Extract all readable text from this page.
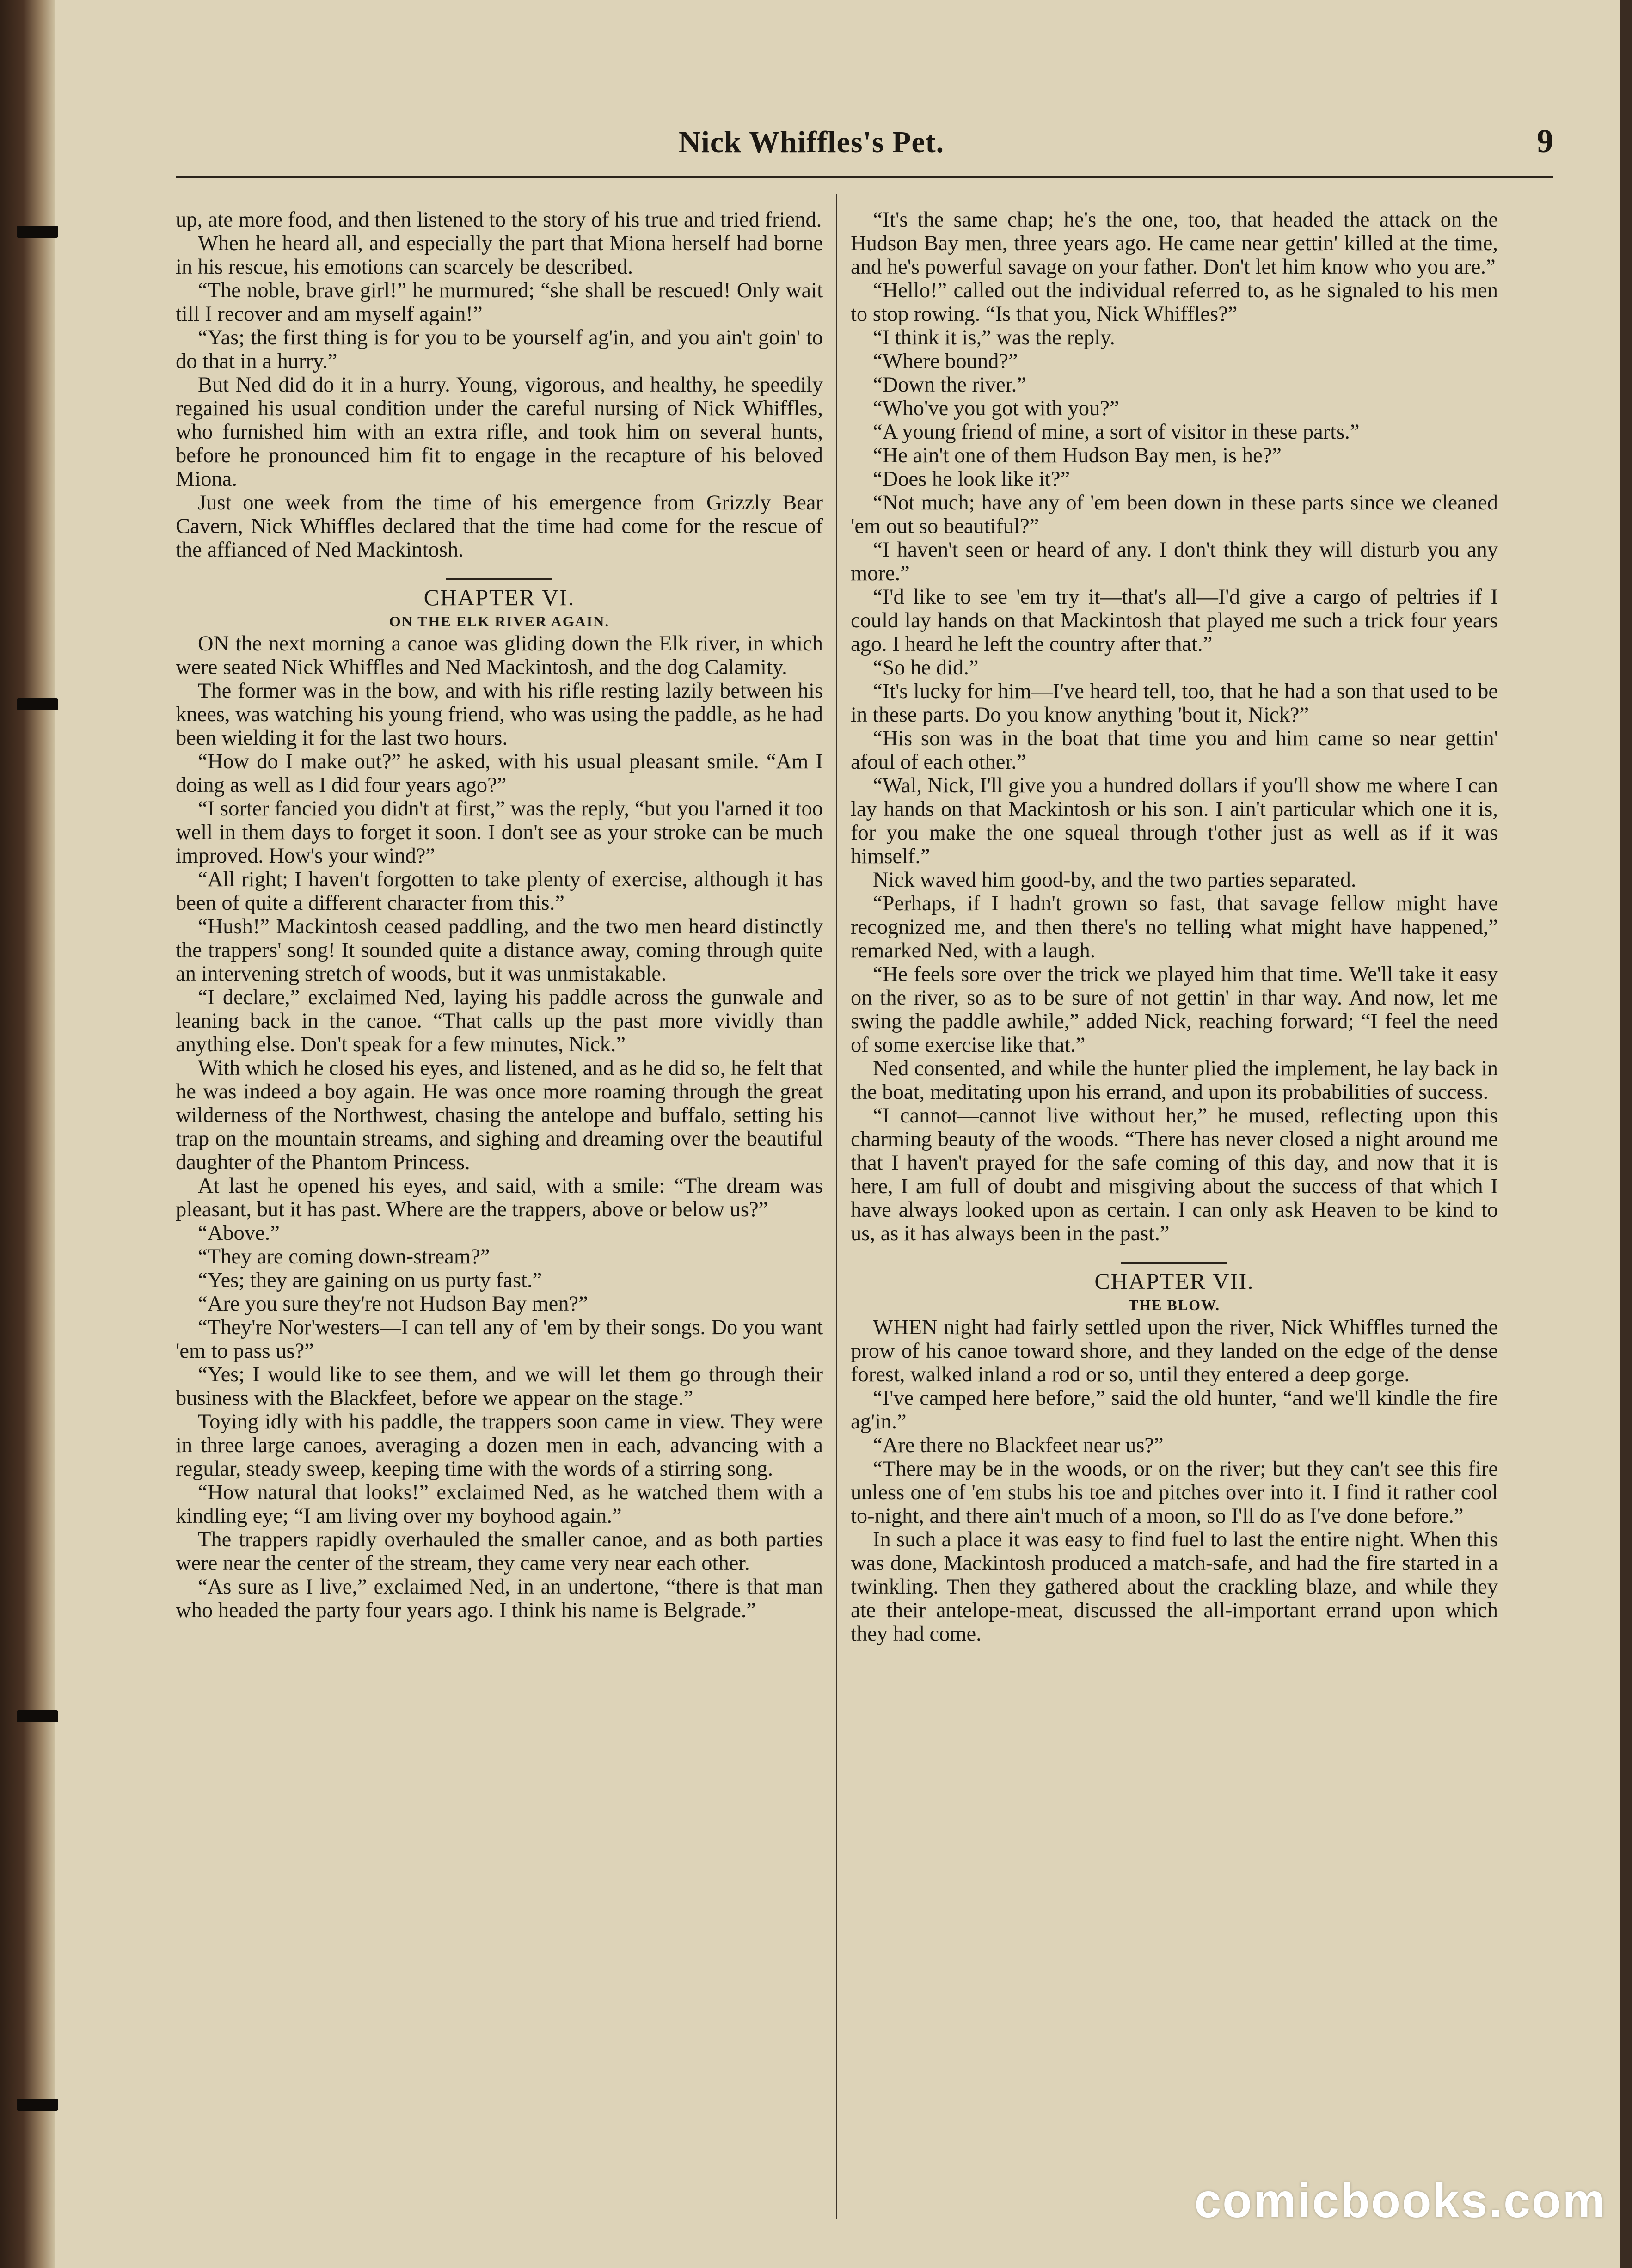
Nick Whiffles's Pet.	9

up, ate more food, and then listened to the story of his true and tried friend.

When he heard all, and especially the part that Miona herself had borne in his rescue, his emotions can scarcely be described.

“The noble, brave girl!” he murmured; “she shall be rescued! Only wait till I recover and am myself again!”

“Yas; the first thing is for you to be yourself ag'in, and you ain't goin' to do that in a hurry.”

But Ned did do it in a hurry. Young, vigorous, and healthy, he speedily regained his usual condition under the careful nursing of Nick Whiffles, who furnished him with an extra rifle, and took him on several hunts, before he pronounced him fit to engage in the recapture of his beloved Miona.

Just one week from the time of his emergence from Grizzly Bear Cavern, Nick Whiffles declared that the time had come for the rescue of the affianced of Ned Mackintosh.

CHAPTER VI.
ON THE ELK RIVER AGAIN.

ON the next morning a canoe was gliding down the Elk river, in which were seated Nick Whiffles and Ned Mackintosh, and the dog Calamity.

The former was in the bow, and with his rifle resting lazily between his knees, was watching his young friend, who was using the paddle, as he had been wielding it for the last two hours.

“How do I make out?” he asked, with his usual pleasant smile. “Am I doing as well as I did four years ago?”

“I sorter fancied you didn't at first,” was the reply, “but you l'arned it too well in them days to forget it soon. I don't see as your stroke can be much improved. How's your wind?”

“All right; I haven't forgotten to take plenty of exercise, although it has been of quite a different character from this.”

“Hush!” Mackintosh ceased paddling, and the two men heard distinctly the trappers' song! It sounded quite a distance away, coming through quite an intervening stretch of woods, but it was unmistakable.

“I declare,” exclaimed Ned, laying his paddle across the gunwale and leaning back in the canoe. “That calls up the past more vividly than anything else. Don't speak for a few minutes, Nick.”

With which he closed his eyes, and listened, and as he did so, he felt that he was indeed a boy again. He was once more roaming through the great wilderness of the Northwest, chasing the antelope and buffalo, setting his trap on the mountain streams, and sighing and dreaming over the beautiful daughter of the Phantom Princess.

At last he opened his eyes, and said, with a smile: “The dream was pleasant, but it has past. Where are the trappers, above or below us?”

“Above.”

“They are coming down-stream?”

“Yes; they are gaining on us purty fast.”

“Are you sure they're not Hudson Bay men?”

“They're Nor'westers—I can tell any of 'em by their songs. Do you want 'em to pass us?”

“Yes; I would like to see them, and we will let them go through their business with the Blackfeet, before we appear on the stage.”

Toying idly with his paddle, the trappers soon came in view. They were in three large canoes, averaging a dozen men in each, advancing with a regular, steady sweep, keeping time with the words of a stirring song.

“How natural that looks!” exclaimed Ned, as he watched them with a kindling eye; “I am living over my boyhood again.”

The trappers rapidly overhauled the smaller canoe, and as both parties were near the center of the stream, they came very near each other.

“As sure as I live,” exclaimed Ned, in an undertone, “there is that man who headed the party four years ago. I think his name is Belgrade.”

“It's the same chap; he's the one, too, that headed the attack on the Hudson Bay men, three years ago. He came near gettin' killed at the time, and he's powerful savage on your father. Don't let him know who you are.”

“Hello!” called out the individual referred to, as he signaled to his men to stop rowing. “Is that you, Nick Whiffles?”

“I think it is,” was the reply.

“Where bound?”

“Down the river.”

“Who've you got with you?”

“A young friend of mine, a sort of visitor in these parts.”

“He ain't one of them Hudson Bay men, is he?”

“Does he look like it?”

“Not much; have any of 'em been down in these parts since we cleaned 'em out so beautiful?”

“I haven't seen or heard of any. I don't think they will disturb you any more.”

“I'd like to see 'em try it—that's all—I'd give a cargo of peltries if I could lay hands on that Mackintosh that played me such a trick four years ago. I heard he left the country after that.”

“So he did.”

“It's lucky for him—I've heard tell, too, that he had a son that used to be in these parts. Do you know anything 'bout it, Nick?”

“His son was in the boat that time you and him came so near gettin' afoul of each other.”

“Wal, Nick, I'll give you a hundred dollars if you'll show me where I can lay hands on that Mackintosh or his son. I ain't particular which one it is, for you make the one squeal through t'other just as well as if it was himself.”

Nick waved him good-by, and the two parties separated.

“Perhaps, if I hadn't grown so fast, that savage fellow might have recognized me, and then there's no telling what might have happened,” remarked Ned, with a laugh.

“He feels sore over the trick we played him that time. We'll take it easy on the river, so as to be sure of not gettin' in thar way. And now, let me swing the paddle awhile,” added Nick, reaching forward; “I feel the need of some exercise like that.”

Ned consented, and while the hunter plied the implement, he lay back in the boat, meditating upon his errand, and upon its probabilities of success.

“I cannot—cannot live without her,” he mused, reflecting upon this charming beauty of the woods. “There has never closed a night around me that I haven't prayed for the safe coming of this day, and now that it is here, I am full of doubt and misgiving about the success of that which I have always looked upon as certain. I can only ask Heaven to be kind to us, as it has always been in the past.”

CHAPTER VII.
THE BLOW.

WHEN night had fairly settled upon the river, Nick Whiffles turned the prow of his canoe toward shore, and they landed on the edge of the dense forest, walked inland a rod or so, until they entered a deep gorge.

“I've camped here before,” said the old hunter, “and we'll kindle the fire ag'in.”

“Are there no Blackfeet near us?”

“There may be in the woods, or on the river; but they can't see this fire unless one of 'em stubs his toe and pitches over into it. I find it rather cool to-night, and there ain't much of a moon, so I'll do as I've done before.”

In such a place it was easy to find fuel to last the entire night. When this was done, Mackintosh produced a match-safe, and had the fire started in a twinkling. Then they gathered about the crackling blaze, and while they ate their antelope-meat, discussed the all-important errand upon which they had come.

comicbooks.com
